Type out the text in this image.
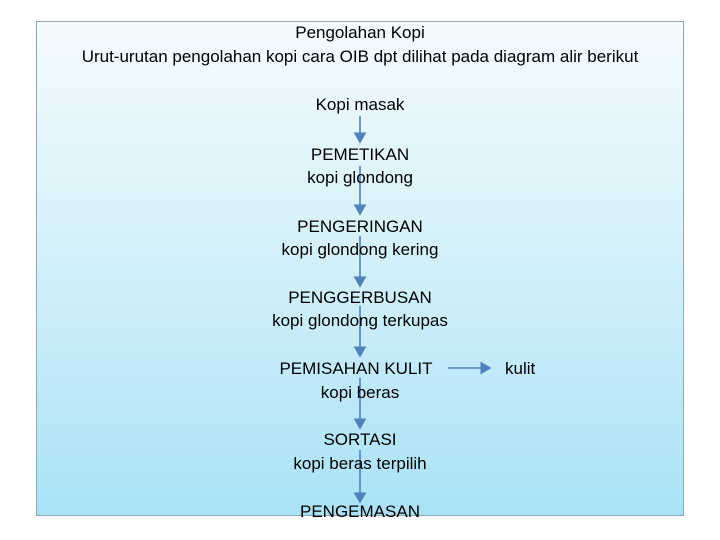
Pengolahan Kopi
Urut-urutan pengolahan kopi cara OIB dpt dilihat pada diagram alir berikut
Kopi masak
PEMETIKAN
kopi glondong
PENGERINGAN
kopi glondong kering
PENGGERBUSAN
kopi glondong terkupas
PEMISAHAN KULIT
kopi beras
kulit
SORTASI
kopi beras terpilih
PENGEMASAN
